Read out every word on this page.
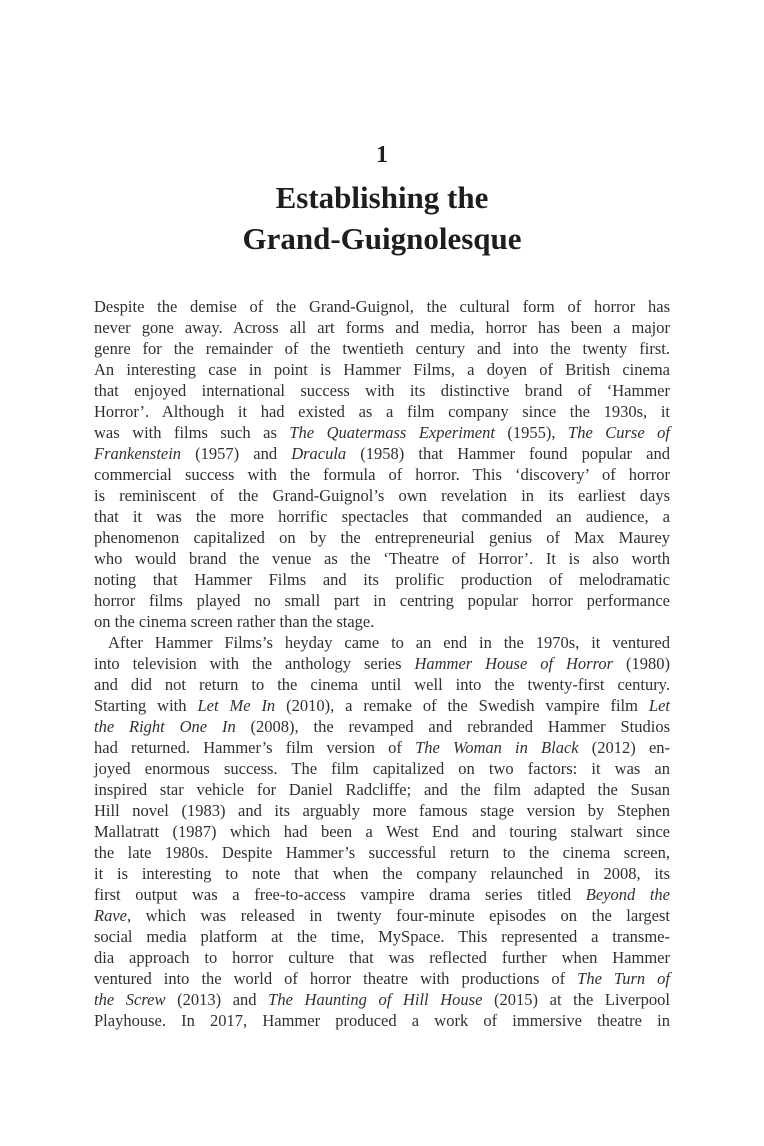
1
Establishing the
Grand-Guignolesque
Despite the demise of the Grand-Guignol, the cultural form of horror has
never gone away. Across all art forms and media, horror has been a major
genre for the remainder of the twentieth century and into the twenty first.
An interesting case in point is Hammer Films, a doyen of British cinema
that enjoyed international success with its distinctive brand of ‘Hammer
Horror’. Although it had existed as a film company since the 1930s, it
was with films such as The Quatermass Experiment (1955), The Curse of
Frankenstein (1957) and Dracula (1958) that Hammer found popular and
commercial success with the formula of horror. This ‘discovery’ of horror
is reminiscent of the Grand-Guignol’s own revelation in its earliest days
that it was the more horrific spectacles that commanded an audience, a
phenomenon capitalized on by the entrepreneurial genius of Max Maurey
who would brand the venue as the ‘Theatre of Horror’. It is also worth
noting that Hammer Films and its prolific production of melodramatic
horror films played no small part in centring popular horror performance
on the cinema screen rather than the stage.
After Hammer Films’s heyday came to an end in the 1970s, it ventured
into television with the anthology series Hammer House of Horror (1980)
and did not return to the cinema until well into the twenty-first century.
Starting with Let Me In (2010), a remake of the Swedish vampire film Let
the Right One In (2008), the revamped and rebranded Hammer Studios
had returned. Hammer’s film version of The Woman in Black (2012) en-
joyed enormous success. The film capitalized on two factors: it was an
inspired star vehicle for Daniel Radcliffe; and the film adapted the Susan
Hill novel (1983) and its arguably more famous stage version by Stephen
Mallatratt (1987) which had been a West End and touring stalwart since
the late 1980s. Despite Hammer’s successful return to the cinema screen,
it is interesting to note that when the company relaunched in 2008, its
first output was a free-to-access vampire drama series titled Beyond the
Rave, which was released in twenty four-minute episodes on the largest
social media platform at the time, MySpace. This represented a transme-
dia approach to horror culture that was reflected further when Hammer
ventured into the world of horror theatre with productions of The Turn of
the Screw (2013) and The Haunting of Hill House (2015) at the Liverpool
Playhouse. In 2017, Hammer produced a work of immersive theatre in
